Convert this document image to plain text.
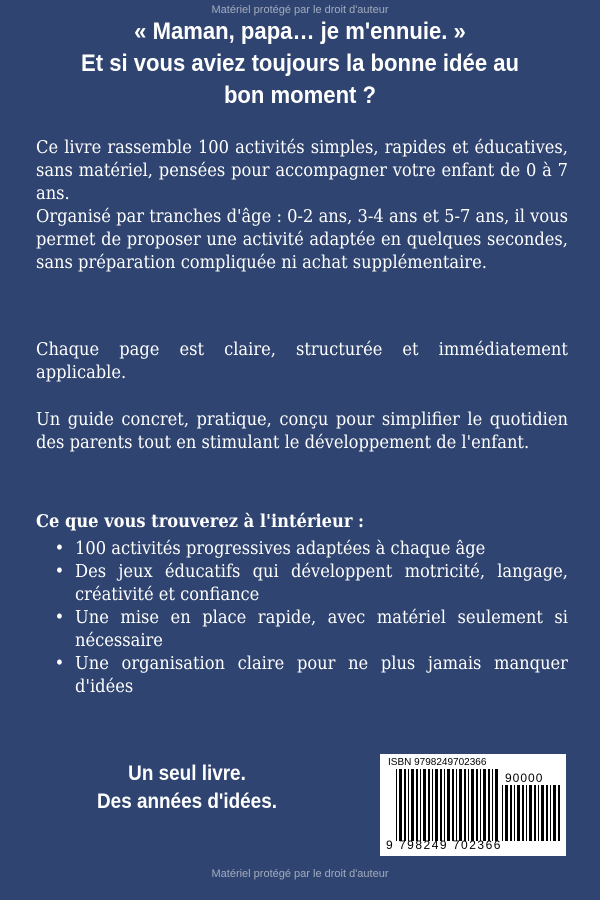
Matériel protégé par le droit d'auteur
« Maman, papa… je m'ennuie. »
Et si vous aviez toujours la bonne idée au bon moment ?

Ce livre rassemble 100 activités simples, rapides et éducatives, sans matériel, pensées pour accompagner votre enfant de 0 à 7 ans.

Organisé par tranches d'âge : 0-2 ans, 3-4 ans et 5-7 ans, il vous permet de proposer une activité adaptée en quelques secondes, sans préparation compliquée ni achat supplémentaire.

Chaque page est claire, structurée et immédiatement applicable.
Un guide concret, pratique, conçu pour simplifier le quotidien des parents tout en stimulant le développement de l'enfant.

Ce que vous trouverez à l'intérieur :

• 100 activités progressives adaptées à chaque âge
• Des jeux éducatifs qui développent motricité, langage, créativité et confiance
• Une mise en place rapide, avec matériel seulement si nécessaire
• Une organisation claire pour ne plus jamais manquer d'idées
Un seul livre.
Des années d'idées.
ISBN 9798249702366
90000
9 798249 702366
Matériel protégé par le droit d'auteur
